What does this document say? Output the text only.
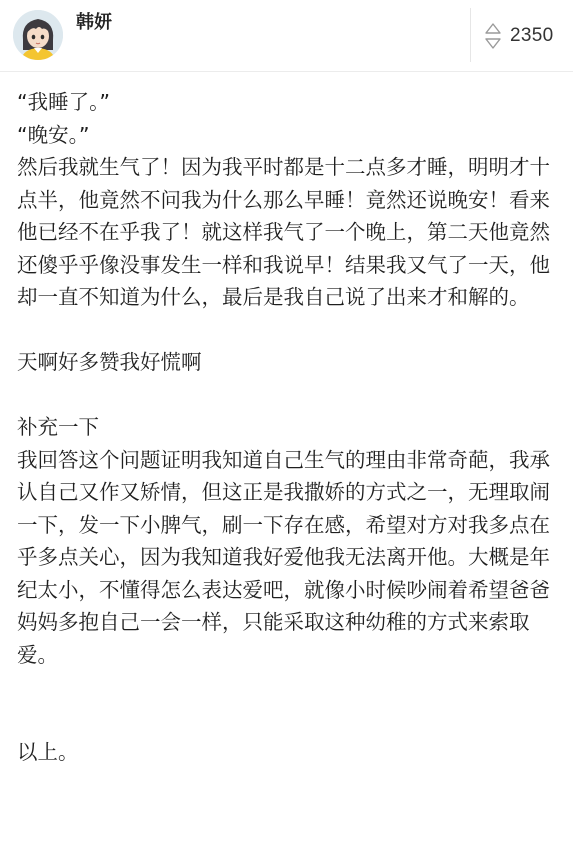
韩妍
2350

“我睡了。”

“晚安。”

然后我就生气了！因为我平时都是十二点多才睡，明明才十点半，他竟然不问我为什么那么早睡！竟然还说晚安！看来他已经不在乎我了！就这样我气了一个晚上，第二天他竟然还傻乎乎像没事发生一样和我说早！结果我又气了一天，他却一直不知道为什么，最后是我自己说了出来才和解的。

天啊好多赞我好慌啊

补充一下

我回答这个问题证明我知道自己生气的理由非常奇葩，我承认自己又作又矫情，但这正是我撒娇的方式之一，无理取闹一下，发一下小脾气，刷一下存在感，希望对方对我多点在乎多点关心，因为我知道我好爱他我无法离开他。大概是年纪太小，不懂得怎么表达爱吧，就像小时候吵闹着希望爸爸妈妈多抱自己一会一样，只能采取这种幼稚的方式来索取爱。

以上。
